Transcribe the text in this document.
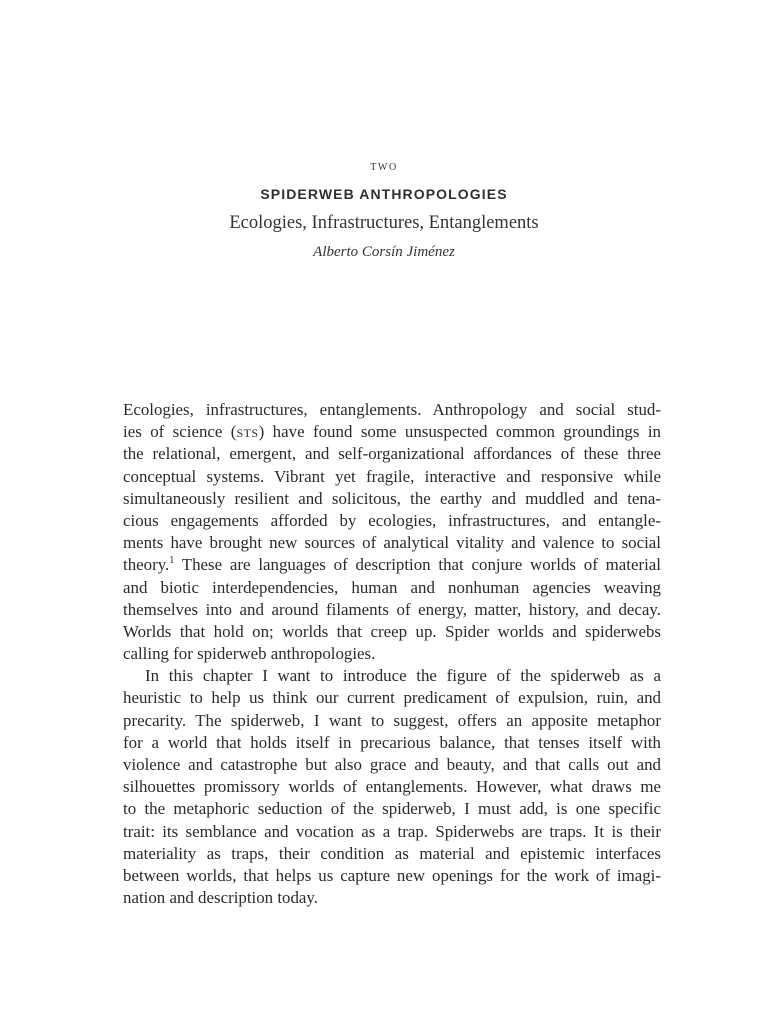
two
SPIDERWEB ANTHROPOLOGIES
Ecologies, Infrastructures, Entanglements
Alberto Corsín Jiménez
Ecologies, infrastructures, entanglements. Anthropology and social stud-
ies of science (sts) have found some unsuspected common groundings in
the relational, emergent, and self-organizational affordances of these three
conceptual systems. Vibrant yet fragile, interactive and responsive while
simultaneously resilient and solicitous, the earthy and muddled and tena-
cious engagements afforded by ecologies, infrastructures, and entangle-
ments have brought new sources of analytical vitality and valence to social
theory.$^1$ These are languages of description that conjure worlds of material
and biotic interdependencies, human and nonhuman agencies weaving
themselves into and around filaments of energy, matter, history, and decay.
Worlds that hold on; worlds that creep up. Spider worlds and spiderwebs
calling for spiderweb anthropologies.
In this chapter I want to introduce the figure of the spiderweb as a
heuristic to help us think our current predicament of expulsion, ruin, and
precarity. The spiderweb, I want to suggest, offers an apposite metaphor
for a world that holds itself in precarious balance, that tenses itself with
violence and catastrophe but also grace and beauty, and that calls out and
silhouettes promissory worlds of entanglements. However, what draws me
to the metaphoric seduction of the spiderweb, I must add, is one specific
trait: its semblance and vocation as a trap. Spiderwebs are traps. It is their
materiality as traps, their condition as material and epistemic interfaces
between worlds, that helps us capture new openings for the work of imagi-
nation and description today.
